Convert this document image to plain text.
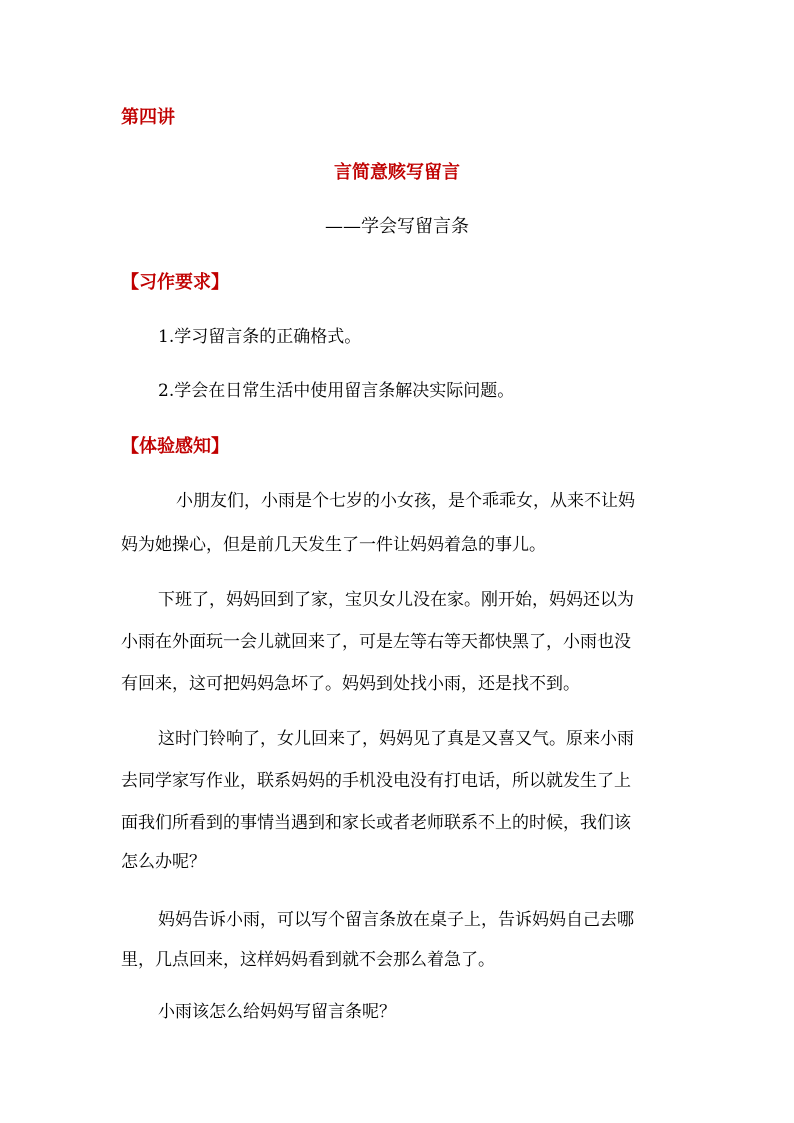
第四讲
言简意赅写留言
——学会写留言条
【习作要求】
1.学习留言条的正确格式。
2.学会在日常生活中使用留言条解决实际问题。
【体验感知】
小朋友们，小雨是个七岁的小女孩，是个乖乖女，从来不让妈
妈为她操心，但是前几天发生了一件让妈妈着急的事儿。
下班了，妈妈回到了家，宝贝女儿没在家。刚开始，妈妈还以为
小雨在外面玩一会儿就回来了，可是左等右等天都快黑了，小雨也没
有回来，这可把妈妈急坏了。妈妈到处找小雨，还是找不到。
这时门铃响了，女儿回来了，妈妈见了真是又喜又气。原来小雨
去同学家写作业，联系妈妈的手机没电没有打电话，所以就发生了上
面我们所看到的事情当遇到和家长或者老师联系不上的时候，我们该
怎么办呢？
妈妈告诉小雨，可以写个留言条放在桌子上，告诉妈妈自己去哪
里，几点回来，这样妈妈看到就不会那么着急了。
小雨该怎么给妈妈写留言条呢？
